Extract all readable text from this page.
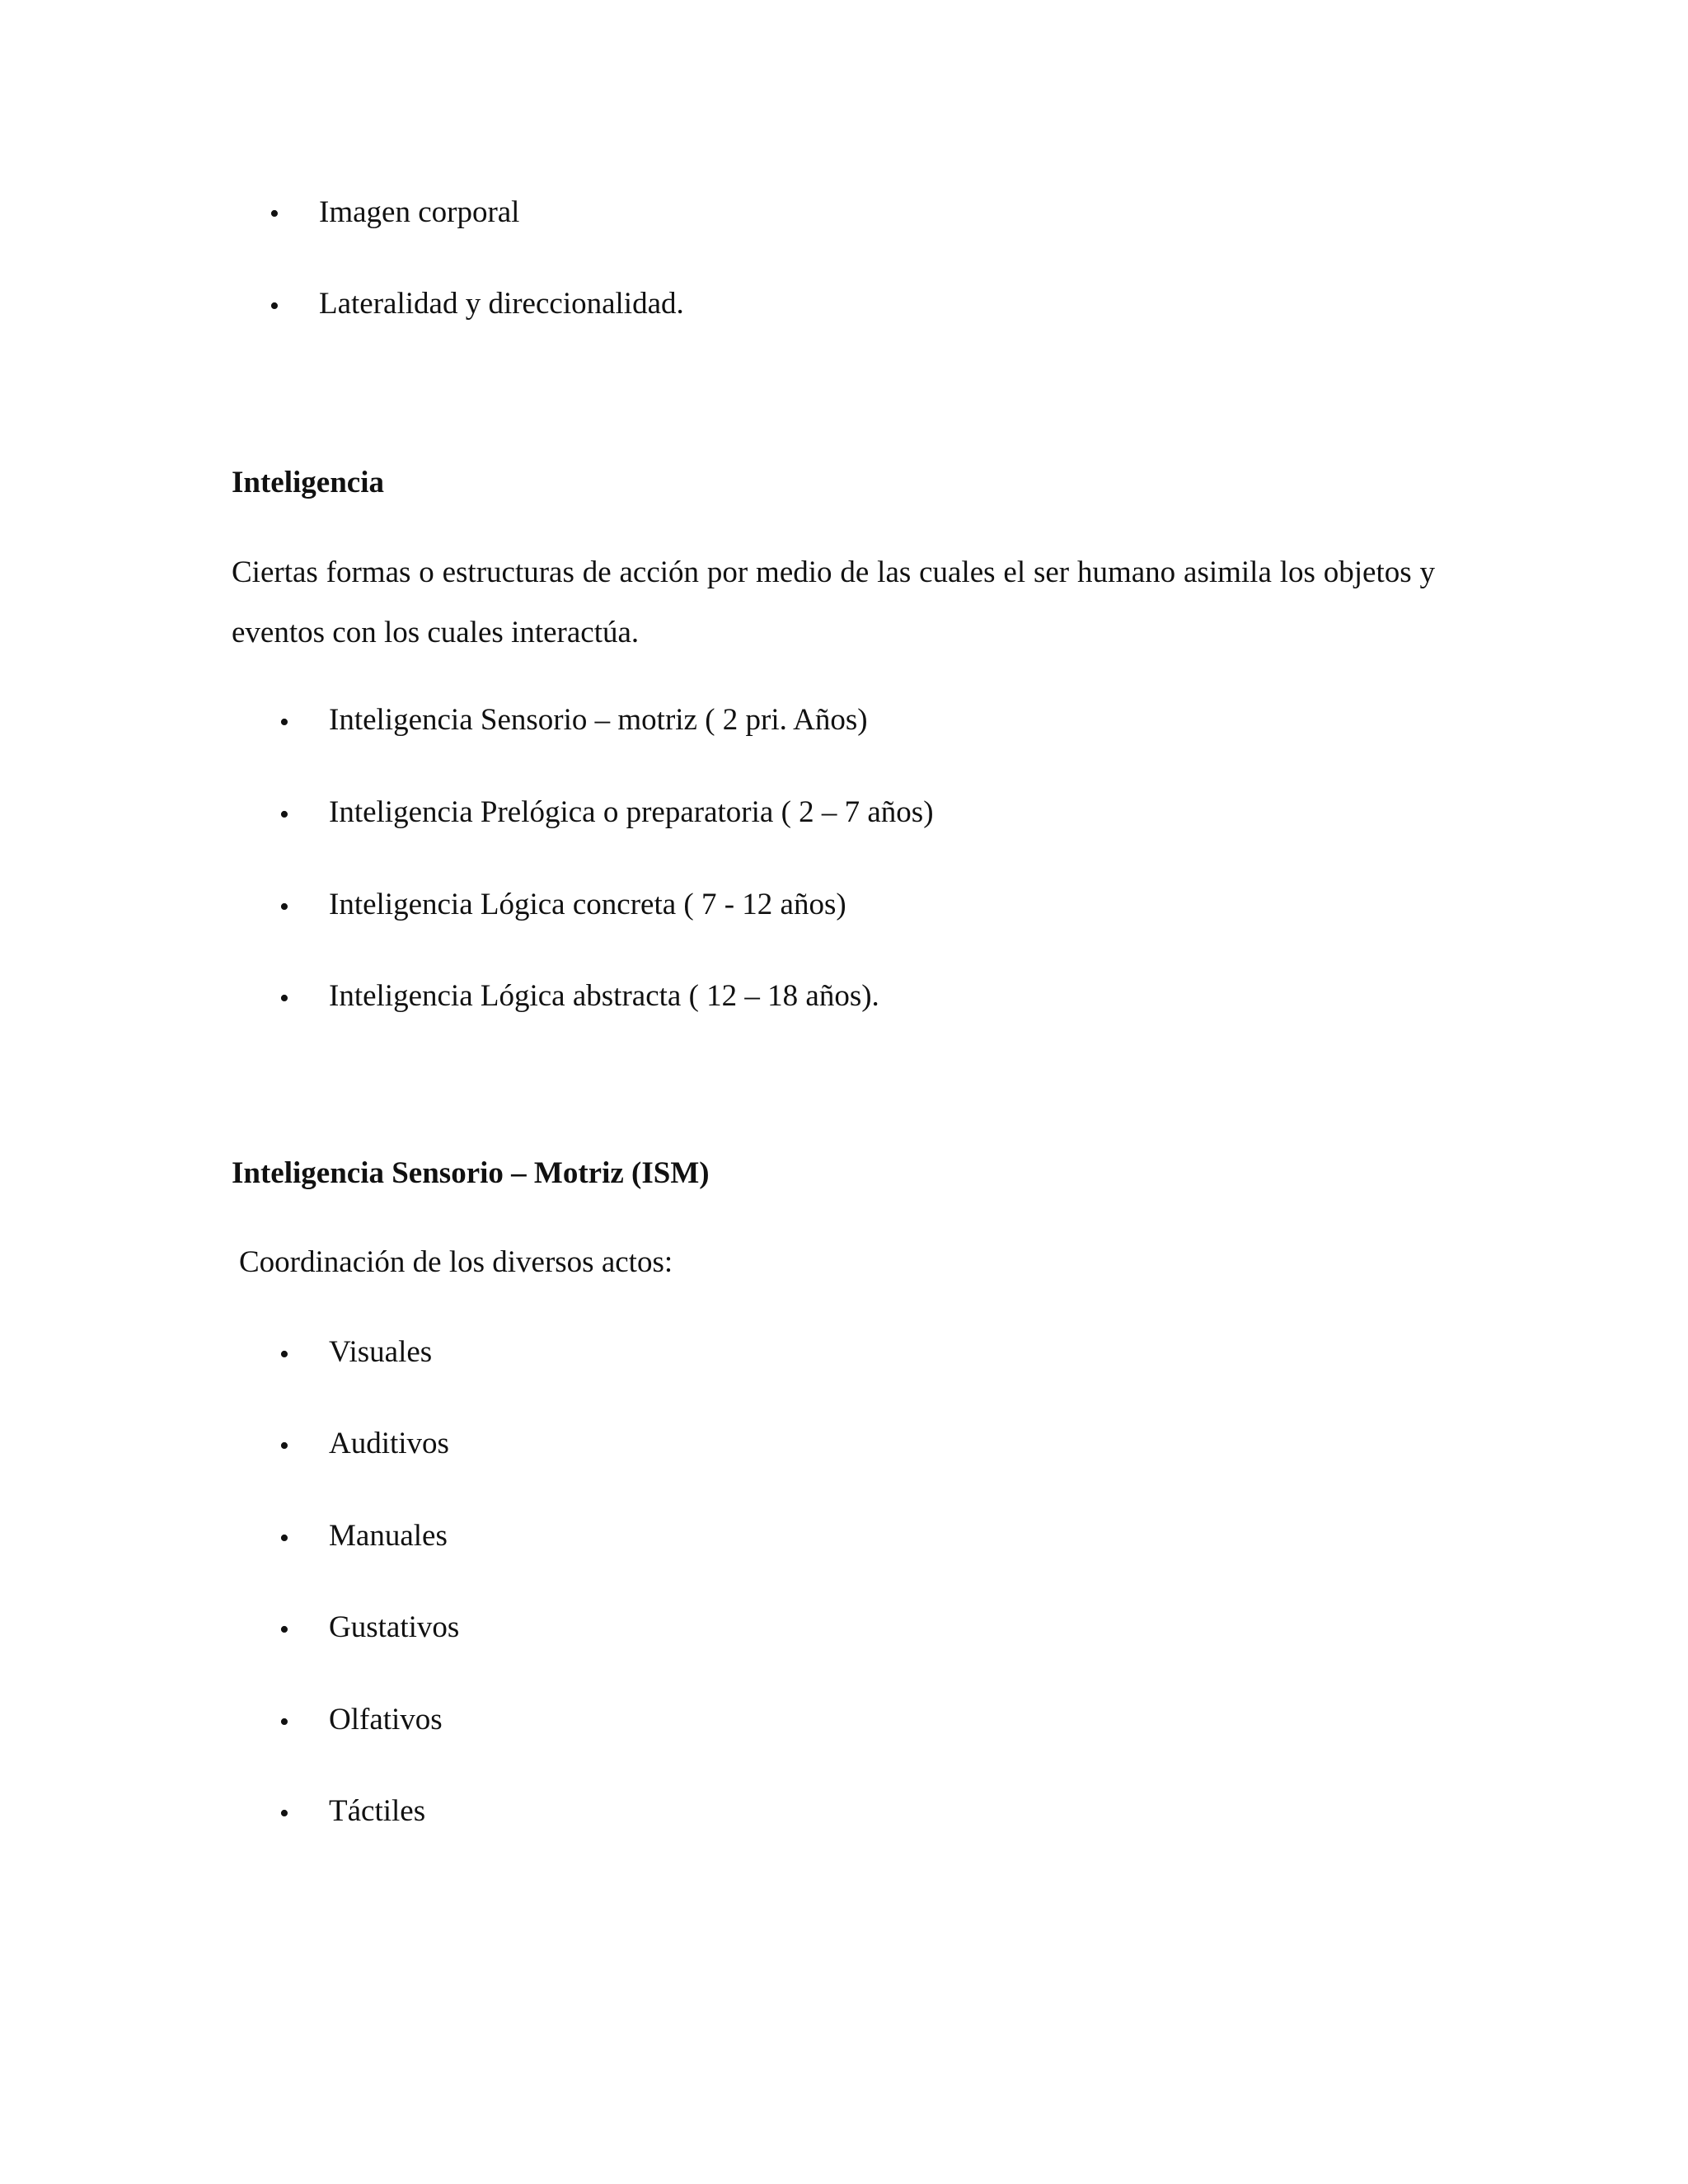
• Imagen corporal

• Lateralidad y direccionalidad.

Inteligencia

Ciertas formas o estructuras de acción por medio de las cuales el ser humano asimila los objetos y eventos con los cuales interactúa.

• Inteligencia Sensorio – motriz ( 2 pri. Años)

• Inteligencia Prelógica o preparatoria ( 2 – 7 años)

• Inteligencia Lógica concreta ( 7 - 12 años)

• Inteligencia Lógica abstracta ( 12 – 18 años).

Inteligencia Sensorio – Motriz (ISM)

Coordinación de los diversos actos:

• Visuales

• Auditivos

• Manuales

• Gustativos

• Olfativos

• Táctiles
